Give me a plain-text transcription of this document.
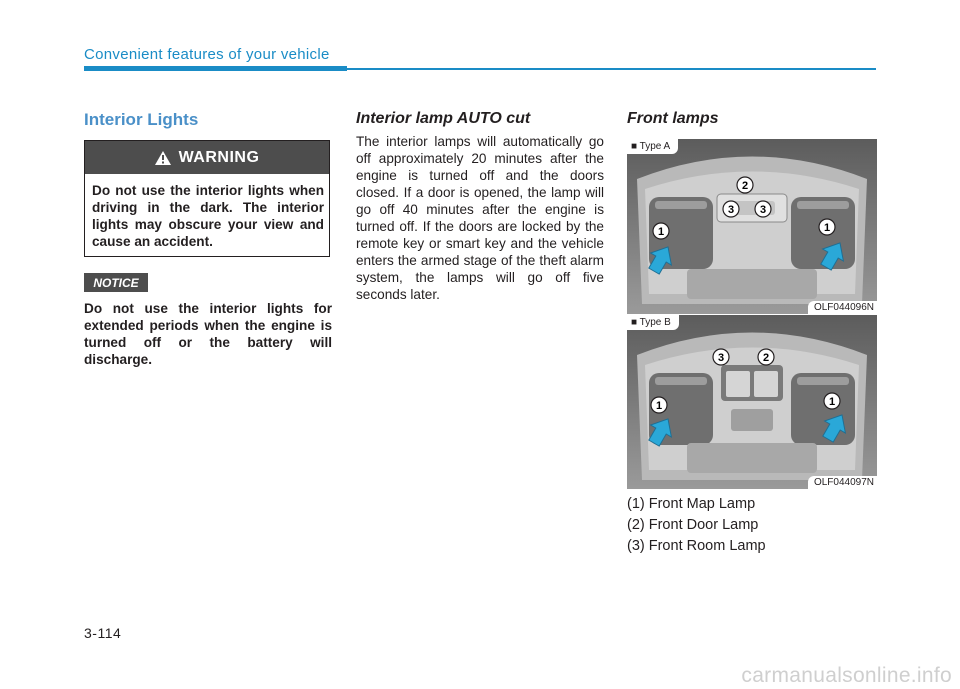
Convenient features of your vehicle
Interior Lights
WARNING
Do not use the interior lights when driving in the dark. The interior lights may obscure your view and cause an accident.
NOTICE
Do not use the interior lights for extended periods when the engine is turned off or the battery will discharge.
Interior lamp AUTO cut
The interior lamps will automatically go off approximately 20 minutes after the engine is turned off and the doors closed. If a door is opened, the lamp will go off 40 minutes after the engine is turned off. If the doors are locked by the remote key or smart key and the vehicle enters the armed stage of the theft alarm system, the lamps will go off five seconds later.
Front lamps
1	1
2
3 3
■ Type A
OLF044096N
1	1
2
3
■ Type B
OLF044097N
(1) Front Map Lamp
(2) Front Door Lamp
(3) Front Room Lamp
3-114
carmanualsonline.info
